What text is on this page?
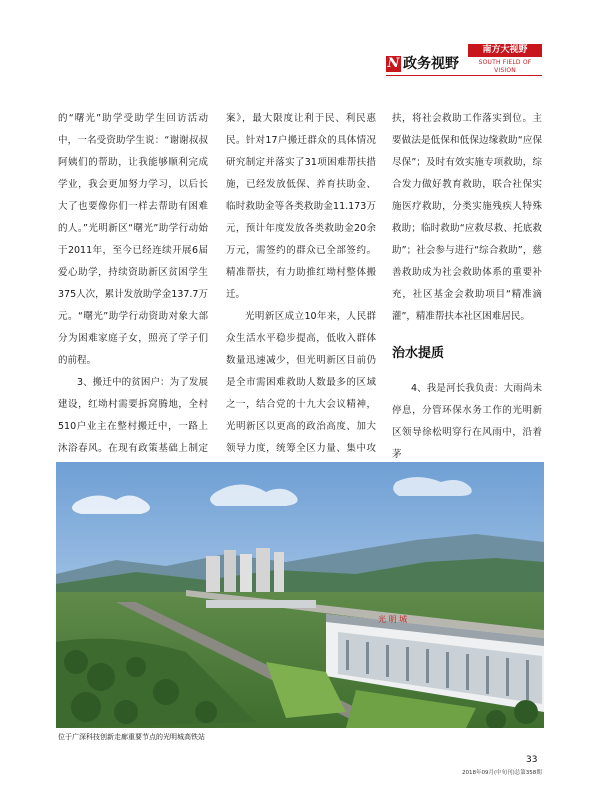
N 政务视野
南方大视野
SOUTH FIELD OF VISION

的“曙光”助学受助学生回访活动中，一名受资助学生说：“谢谢叔叔阿姨们的帮助，让我能够顺利完成学业，我会更加努力学习，以后长大了也要像你们一样去帮助有困难的人。”光明新区“曙光”助学行动始于2011年，至今已经连续开展6届爱心助学，持续资助新区贫困学生375人次，累计发放助学金137.7万元。“曙光”助学行动资助对象大部分为困难家庭子女，照亮了学子们的前程。

3、搬迁中的贫困户：为了发展建设，红坳村需要拆窝腾地，全村510户业主在整村搬迁中，一路上沐浴春风。在现有政策基础上制定

案》，最大限度让利于民、利民惠民。针对17户搬迁群众的具体情况研究制定并落实了31项困难帮扶措施，已经发放低保、养育扶助金、临时救助金等各类救助金11.173万元，预计年度发放各类救助金20余万元，需签约的群众已全部签约。精准帮扶，有力助推红坳村整体搬迁。

光明新区成立10年来，人民群众生活水平稳步提高，低收入群体数量迅速减少，但光明新区目前仍是全市需困难救助人数最多的区域之一，结合党的十九大会议精神，光明新区以更高的政治高度、加大领导力度，统筹全区力量、集中攻

扶，将社会救助工作落实到位。主要做法是低保和低保边缘救助“应保尽保”；及时有效实施专项救助，综合发力做好教育救助，联合社保实施医疗救助，分类实施残疾人特殊救助；临时救助“应救尽救、托底救助”；社会参与进行“综合救助”，慈善救助成为社会救助体系的重要补充，社区基金会救助项目“精准滴灌”，精准帮扶本社区困难居民。

治水提质

4、我是河长我负责：大雨尚未停息，分管环保水务工作的光明新区领导徐松明穿行在风雨中，沿着茅

光 明 城
位于广深科技创新走廊重要节点的光明城高铁站
33
2018年09月(中旬刊)总第358期
